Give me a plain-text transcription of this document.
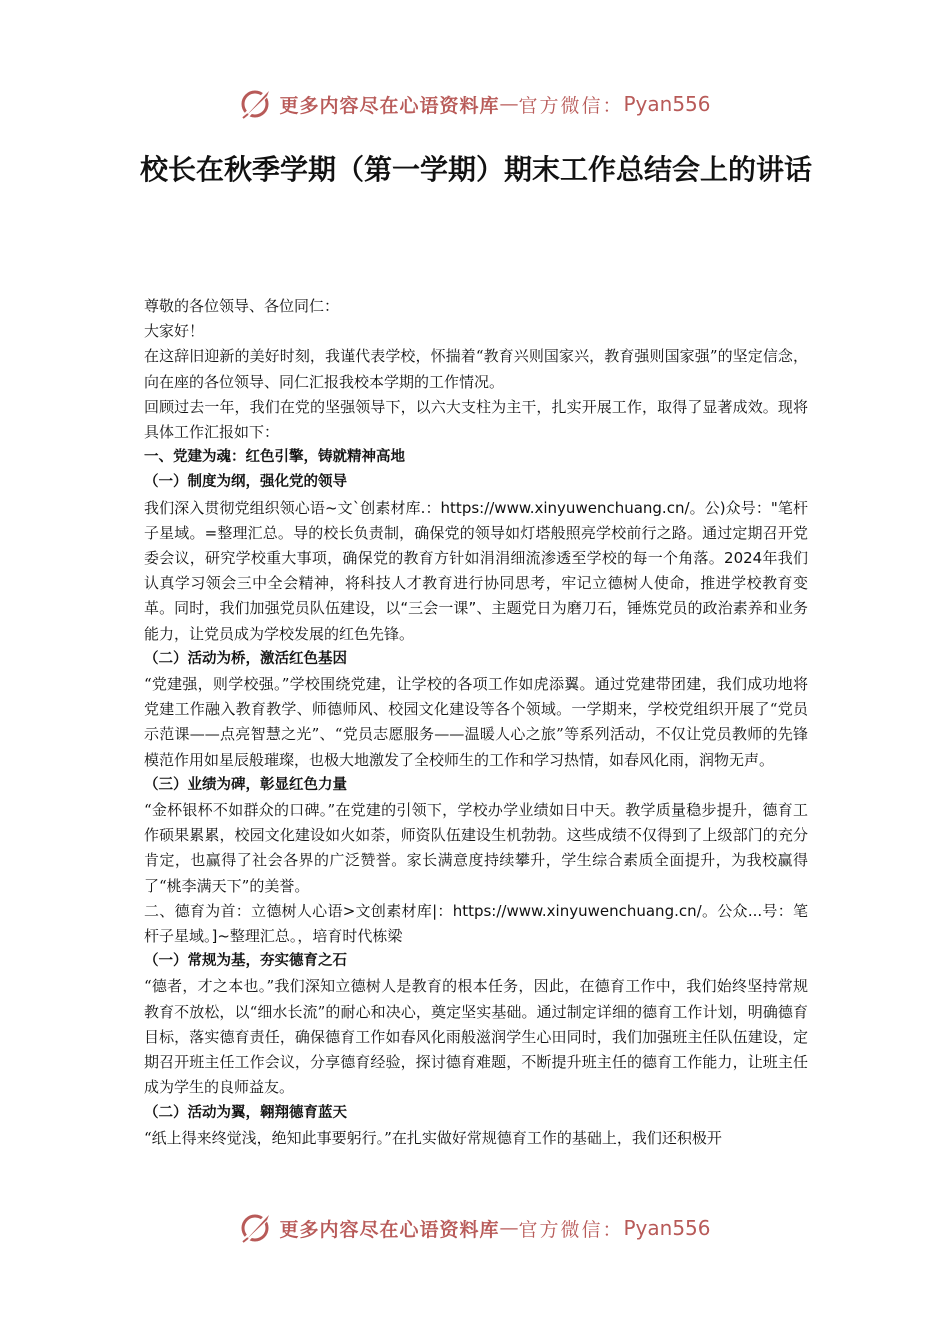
更多内容尽在心语资料库 — 官方微信： Pyan556
校长在秋季学期（第一学期）期末工作总结会上的讲话

尊敬的各位领导、各位同仁：

大家好！

在这辞旧迎新的美好时刻，我谨代表学校，怀揣着“教育兴则国家兴，教育强则国家强”的坚定信念，向在座的各位领导、同仁汇报我校本学期的工作情况。

回顾过去一年，我们在党的坚强领导下，以六大支柱为主干，扎实开展工作，取得了显著成效。现将具体工作汇报如下：

一、党建为魂：红色引擎，铸就精神高地

（一）制度为纲，强化党的领导

我们深入贯彻党组织领心语~文`创素材库.：https://www.xinyuwenchuang.cn/。公)众号："笔杆子星域。=整理汇总。导的校长负责制，确保党的领导如灯塔般照亮学校前行之路。通过定期召开党委会议，研究学校重大事项，确保党的教育方针如涓涓细流渗透至学校的每一个角落。2024年我们认真学习领会三中全会精神，将科技人才教育进行协同思考，牢记立德树人使命，推进学校教育变革。同时，我们加强党员队伍建设，以“三会一课”、主题党日为磨刀石，锤炼党员的政治素养和业务能力，让党员成为学校发展的红色先锋。

（二）活动为桥，激活红色基因

“党建强，则学校强。”学校围绕党建，让学校的各项工作如虎添翼。通过党建带团建，我们成功地将党建工作融入教育教学、师德师风、校园文化建设等各个领域。一学期来，学校党组织开展了“党员示范课——点亮智慧之光”、“党员志愿服务——温暖人心之旅”等系列活动，不仅让党员教师的先锋模范作用如星辰般璀璨，也极大地激发了全校师生的工作和学习热情，如春风化雨，润物无声。

（三）业绩为碑，彰显红色力量

“金杯银杯不如群众的口碑。”在党建的引领下，学校办学业绩如日中天。教学质量稳步提升，德育工作硕果累累，校园文化建设如火如荼，师资队伍建设生机勃勃。这些成绩不仅得到了上级部门的充分肯定，也赢得了社会各界的广泛赞誉。家长满意度持续攀升，学生综合素质全面提升，为我校赢得了“桃李满天下”的美誉。

二、德育为首：立德树人心语>文创素材库|：https://www.xinyuwenchuang.cn/。公众...号：笔杆子星域。]~整理汇总。，培育时代栋梁

（一）常规为基，夯实德育之石

“德者，才之本也。”我们深知立德树人是教育的根本任务，因此，在德育工作中，我们始终坚持常规教育不放松，以“细水长流”的耐心和决心，奠定坚实基础。通过制定详细的德育工作计划，明确德育目标，落实德育责任，确保德育工作如春风化雨般滋润学生心田同时，我们加强班主任队伍建设，定期召开班主任工作会议，分享德育经验，探讨德育难题，不断提升班主任的德育工作能力，让班主任成为学生的良师益友。

（二）活动为翼，翱翔德育蓝天

“纸上得来终觉浅，绝知此事要躬行。”在扎实做好常规德育工作的基础上，我们还积极开

更多内容尽在心语资料库 — 官方微信： Pyan556
